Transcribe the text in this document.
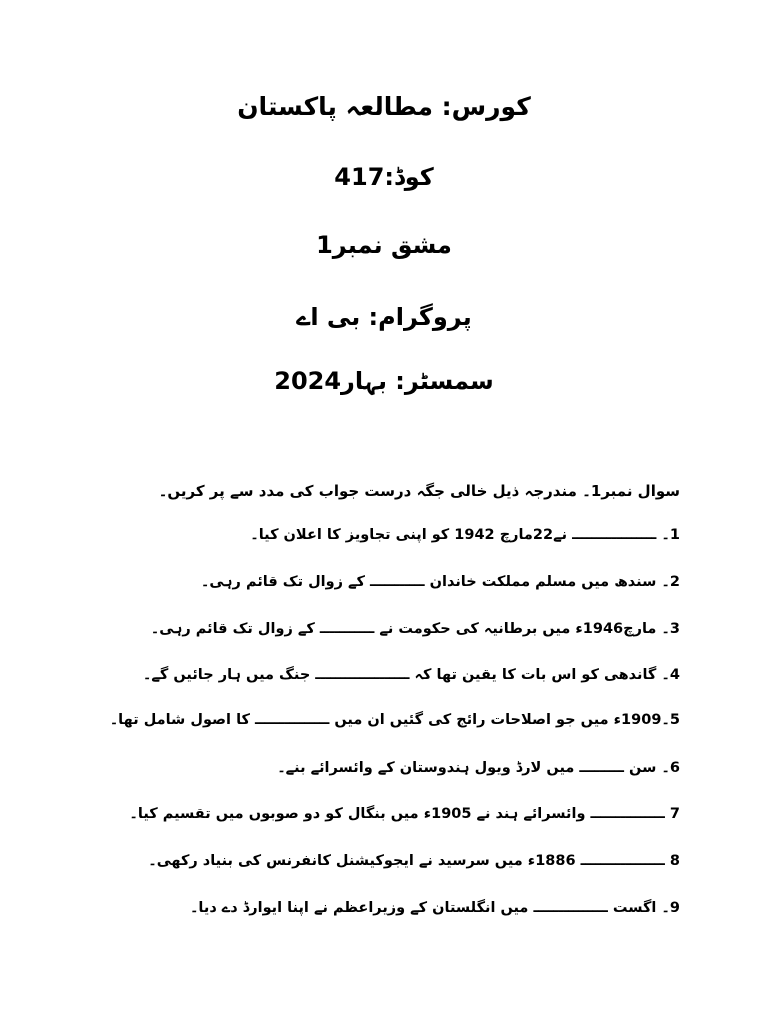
کورس: مطالعہ پاکستان
کوڈ:417
مشق نمبر1
پروگرام: بی اے
سمسٹر: بہار2024
سوال نمبر1۔ مندرجہ ذیل خالی جگہ درست جواب کی مدد سے پر کریں۔
1۔ ـــــــــــــــــ نے22مارچ 1942 کو اپنی تجاویز کا اعلان کیا۔
2۔ سندھ میں مسلم مملکت خاندان ـــــــــــ کے زوال تک قائم رہی۔
3۔ مارچ1946ء میں برطانیہ کی حکومت نے ـــــــــــ کے زوال تک قائم رہی۔
4۔ گاندھی کو اس بات کا یقین تھا کہ ـــــــــــــــــــ جنگ میں ہار جائیں گے۔
5۔1909ء میں جو اصلاحات رائج کی گئیں ان میں ـــــــــــــــ کا اصول شامل تھا۔
6۔ سن ـــــــــ میں لارڈ ویول ہندوستان کے وائسرائے بنے۔
7 ـــــــــــــــ وائسرائے ہند نے 1905ء میں بنگال کو دو صوبوں میں تقسیم کیا۔
8 ـــــــــــــــــ 1886ء میں سرسید نے ایجوکیشنل کانفرنس کی بنیاد رکھی۔
9۔ اگست ـــــــــــــــ میں انگلستان کے وزیراعظم نے اپنا ایوارڈ دے دیا۔
